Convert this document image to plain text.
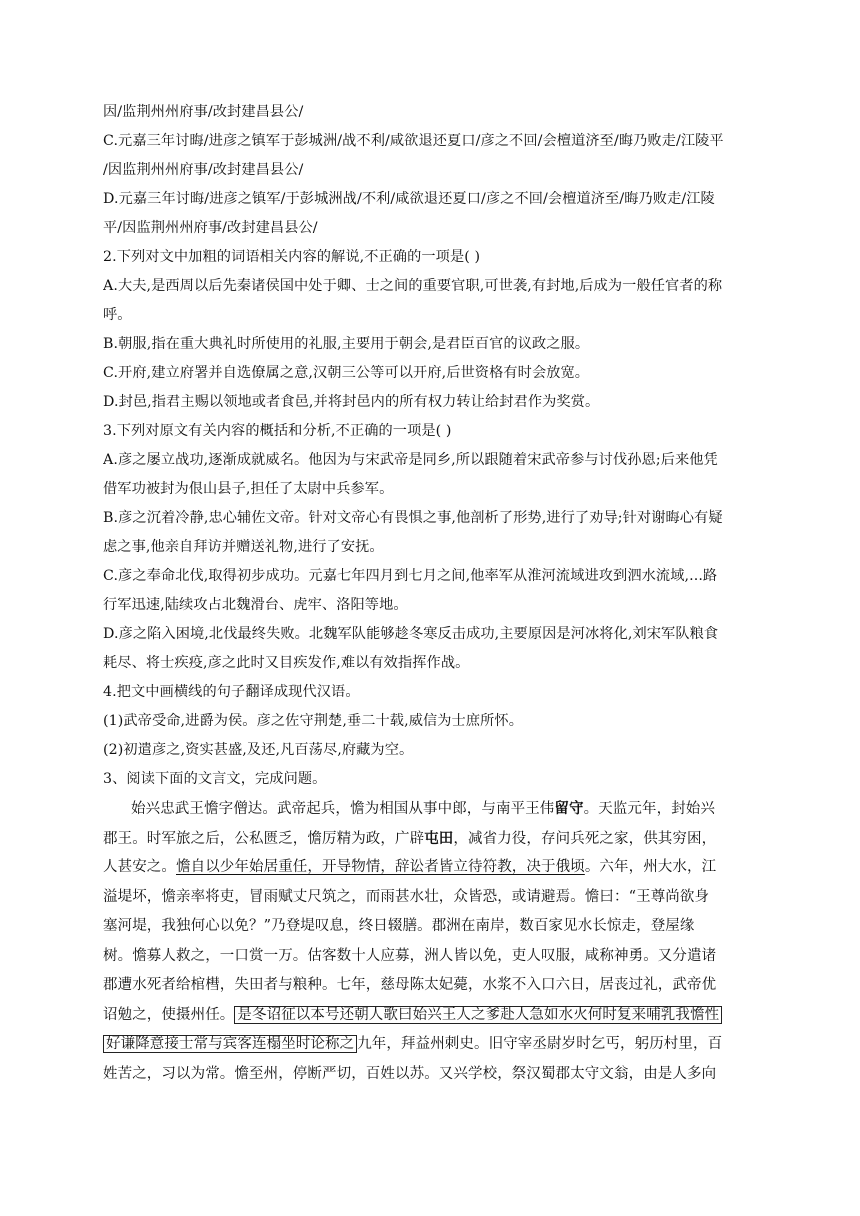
因/监荆州州府事/改封建昌县公/
C.元嘉三年讨晦/进彦之镇军于彭城洲/战不利/咸欲退还夏口/彦之不回/会檀道济至/晦乃败走/江陵平
/因监荆州州府事/改封建昌县公/
D.元嘉三年讨晦/进彦之镇军/于彭城洲战/不利/咸欲退还夏口/彦之不回/会檀道济至/晦乃败走/江陵
平/因监荆州州府事/改封建昌县公/
2.下列对文中加粗的词语相关内容的解说,不正确的一项是( )
A.大夫,是西周以后先秦诸侯国中处于卿、士之间的重要官职,可世袭,有封地,后成为一般任官者的称
呼。
B.朝服,指在重大典礼时所使用的礼服,主要用于朝会,是君臣百官的议政之服。
C.开府,建立府署并自选僚属之意,汉朝三公等可以开府,后世资格有时会放宽。
D.封邑,指君主赐以领地或者食邑,并将封邑内的所有权力转让给封君作为奖赏。
3.下列对原文有关内容的概括和分析,不正确的一项是( )
A.彦之屡立战功,逐渐成就威名。他因为与宋武帝是同乡,所以跟随着宋武帝参与讨伐孙恩;后来他凭
借军功被封为佷山县子,担任了太尉中兵参军。
B.彦之沉着冷静,忠心辅佐文帝。针对文帝心有畏惧之事,他剖析了形势,进行了劝导;针对谢晦心有疑
虑之事,他亲自拜访并赠送礼物,进行了安抚。
C.彦之奉命北伐,取得初步成功。元嘉七年四月到七月之间,他率军从淮河流域进攻到泗水流域,...路
行军迅速,陆续攻占北魏滑台、虎牢、洛阳等地。
D.彦之陷入困境,北伐最终失败。北魏军队能够趁冬寒反击成功,主要原因是河冰将化,刘宋军队粮食
耗尽、将士疾疫,彦之此时又目疾发作,难以有效指挥作战。
4.把文中画横线的句子翻译成现代汉语。
(1)武帝受命,进爵为侯。彦之佐守荆楚,垂二十载,威信为士庶所怀。
(2)初遣彦之,资实甚盛,及还,凡百荡尽,府藏为空。
3、阅读下面的文言文，完成问题。
始兴忠武王憺字僧达。武帝起兵，憺为相国从事中郎，与南平王伟留守。天监元年，封始兴
郡王。时军旅之后，公私匮乏，憺厉精为政，广辟屯田，减省力役，存问兵死之家，供其穷困，
人甚安之。憺自以少年始居重任，开导物情，辞讼者皆立待符教，决于俄顷。六年，州大水，江
溢堤坏，憺亲率将吏，冒雨赋丈尺筑之，而雨甚水壮，众皆恐，或请避焉。憺曰：“王尊尚欲身
塞河堤，我独何心以免？”乃登堤叹息，终日辍膳。郡洲在南岸，数百家见水长惊走，登屋缘
树。憺募人救之，一口赏一万。估客数十人应募，洲人皆以免，吏人叹服，咸称神勇。又分遣诸
郡遭水死者给棺槥，失田者与粮种。七年，慈母陈太妃薨，水浆不入口六日，居丧过礼，武帝优
诏勉之，使摄州任。 是冬诏征以本号还朝人歌曰始兴王人之爹赴人急如水火何时复来哺乳我憺性
好谦降意接士常与宾客连榻坐时论称之 九年，拜益州刺史。旧守宰丞尉岁时乞丐，躬历村里，百
姓苦之，习以为常。憺至州，停断严切，百姓以苏。又兴学校，祭汉蜀郡太守文翁，由是人多向
